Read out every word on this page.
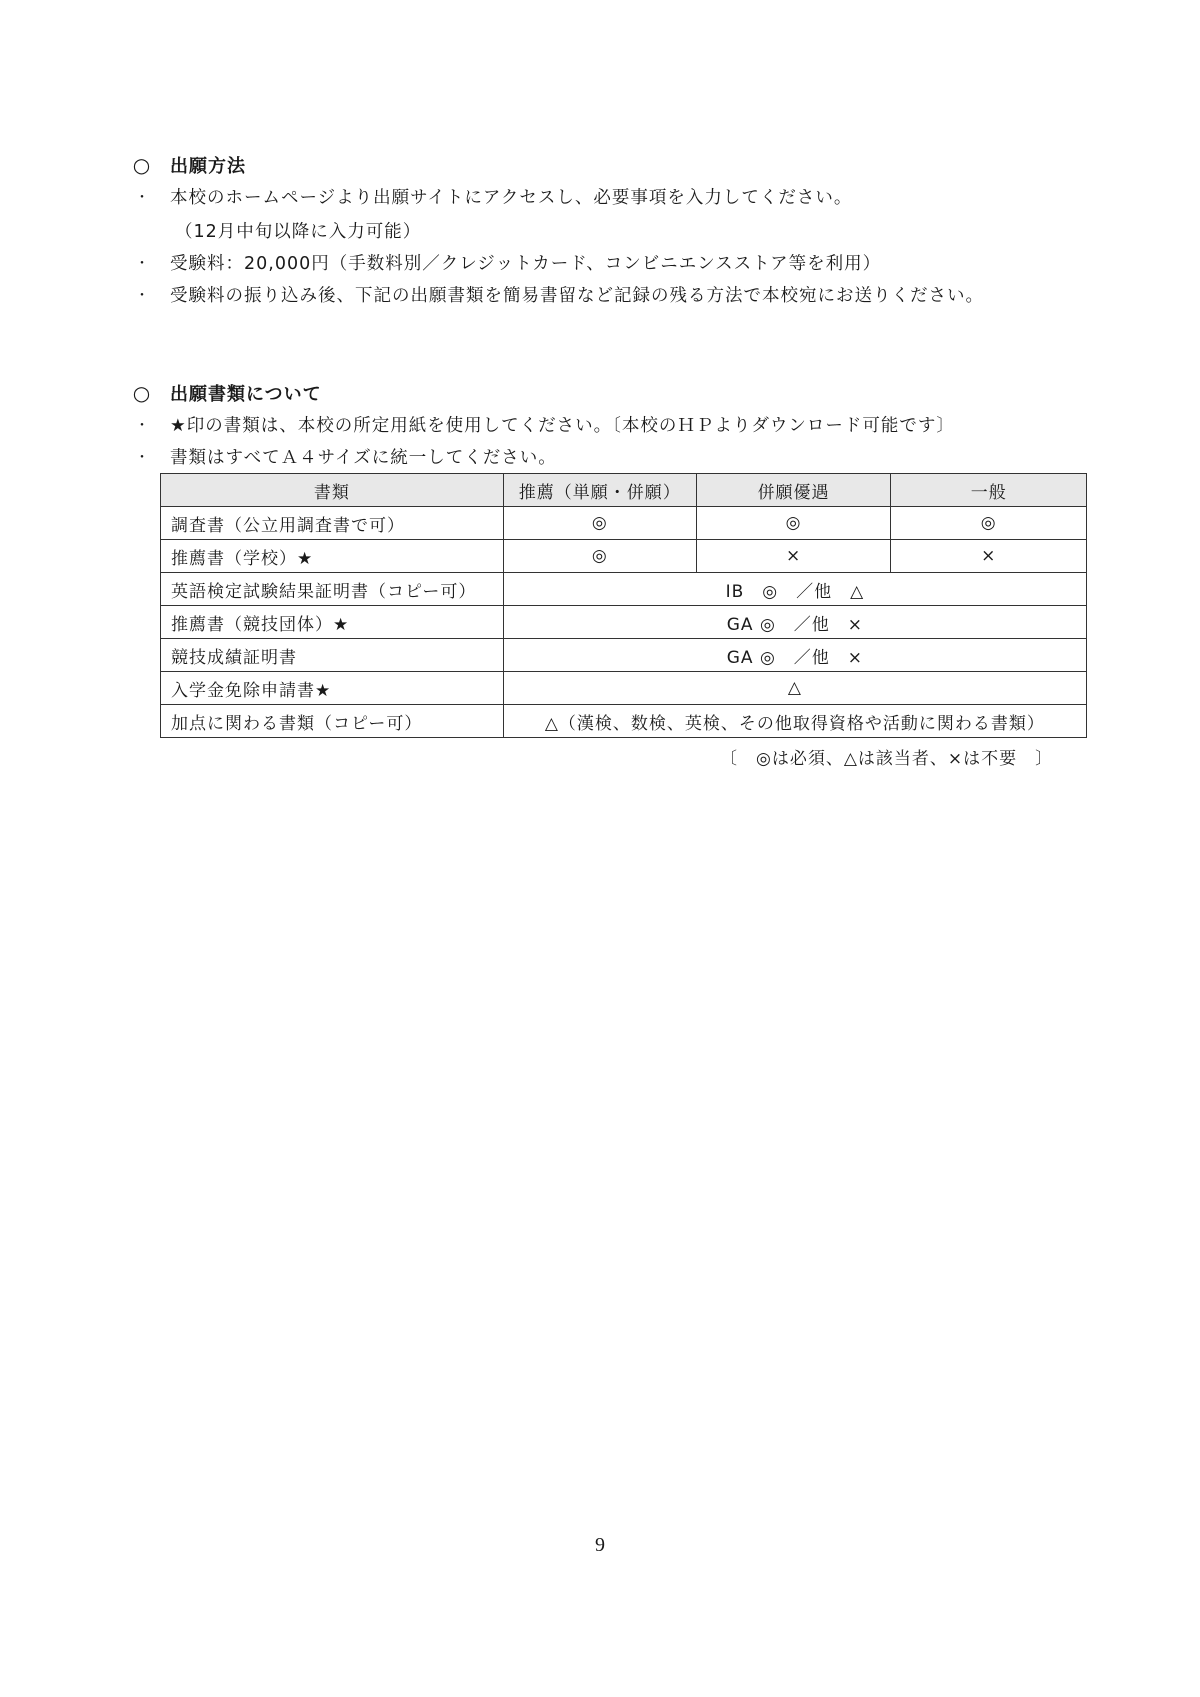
○ 出願方法
・	本校のホームページより出願サイトにアクセスし、必要事項を入力してください。
（12月中旬以降に入力可能）
・	受験料：20,000円（手数料別／クレジットカード、コンビニエンスストア等を利用）
・	受験料の振り込み後、下記の出願書類を簡易書留など記録の残る方法で本校宛にお送りください。
○ 出願書類について
・	★印の書類は、本校の所定用紙を使用してください。〔本校のＨＰよりダウンロード可能です〕
・	書類はすべてＡ４サイズに統一してください。
書類	推薦（単願・併願）	併願優遇	一般
調査書（公立用調査書で可）	◎	◎	◎
推薦書（学校）★	◎	×	×
英語検定試験結果証明書（コピー可）	IB　◎　／他　△		
推薦書（競技団体）★	GA ◎　／他　×		
競技成績証明書	GA ◎　／他　×		
入学金免除申請書★	△		
加点に関わる書類（コピー可）	△（漢検、数検、英検、その他取得資格や活動に関わる書類）		
〔　◎は必須、△は該当者、×は不要　〕
9
